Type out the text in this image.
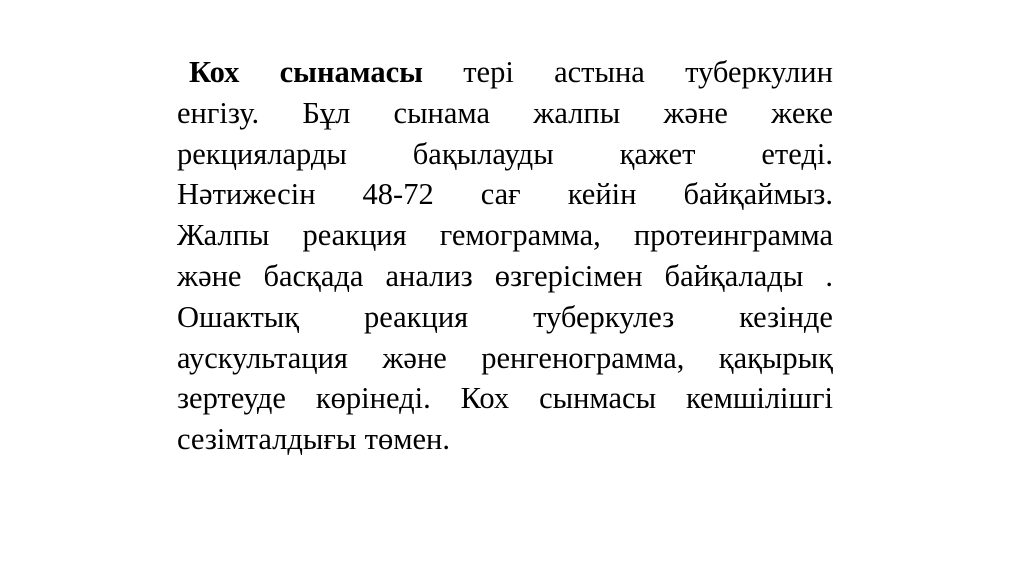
Кох сынамасы тері астына туберкулин
енгізу. Бұл сынама жалпы және жеке
рекцияларды бақылауды қажет етеді.
Нәтижесін 48-72 сағ кейін байқаймыз.
Жалпы реакция гемограмма, протеинграмма
және басқада анализ өзгерісімен байқалады .
Ошактық реакция туберкулез кезінде
аускультация және ренгенограмма, қақырық
зертеуде көрінеді. Кох сынмасы кемшілішгі
сезімталдығы төмен.
